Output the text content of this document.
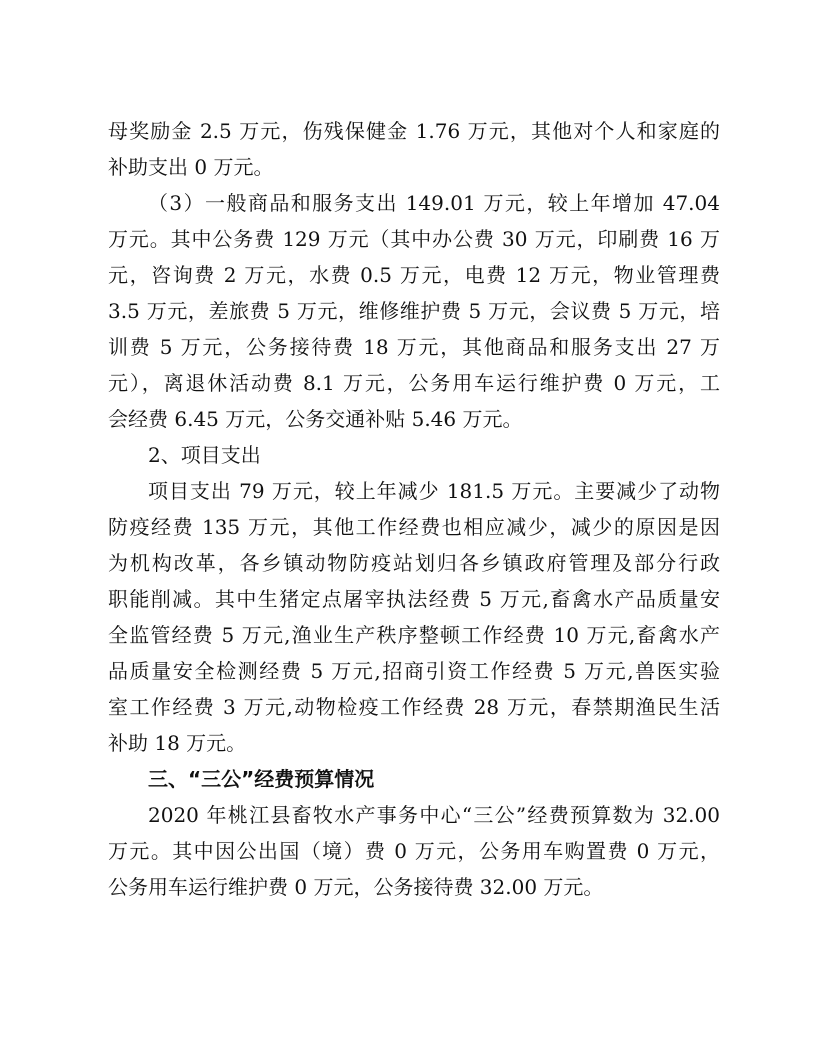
母奖励金 2.5 万元，伤残保健金 1.76 万元，其他对个人和家庭的
补助支出 0 万元。
（3）一般商品和服务支出 149.01 万元，较上年增加 47.04
万元。其中公务费 129 万元（其中办公费 30 万元，印刷费 16 万
元，咨询费 2 万元，水费 0.5 万元，电费 12 万元，物业管理费
3.5 万元，差旅费 5 万元，维修维护费 5 万元，会议费 5 万元，培
训费 5 万元，公务接待费 18 万元，其他商品和服务支出 27 万
元），离退休活动费 8.1 万元，公务用车运行维护费 0 万元，工
会经费 6.45 万元，公务交通补贴 5.46 万元。
2、项目支出
项目支出 79 万元，较上年减少 181.5 万元。主要减少了动物
防疫经费 135 万元，其他工作经费也相应减少，减少的原因是因
为机构改革，各乡镇动物防疫站划归各乡镇政府管理及部分行政
职能削减。其中生猪定点屠宰执法经费 5 万元,畜禽水产品质量安
全监管经费 5 万元,渔业生产秩序整顿工作经费 10 万元,畜禽水产
品质量安全检测经费 5 万元,招商引资工作经费 5 万元,兽医实验
室工作经费 3 万元,动物检疫工作经费 28 万元，春禁期渔民生活
补助 18 万元。
三、“三公”经费预算情况
2020 年桃江县畜牧水产事务中心“三公”经费预算数为 32.00
万元。其中因公出国（境）费 0 万元，公务用车购置费 0 万元，
公务用车运行维护费 0 万元，公务接待费 32.00 万元。
